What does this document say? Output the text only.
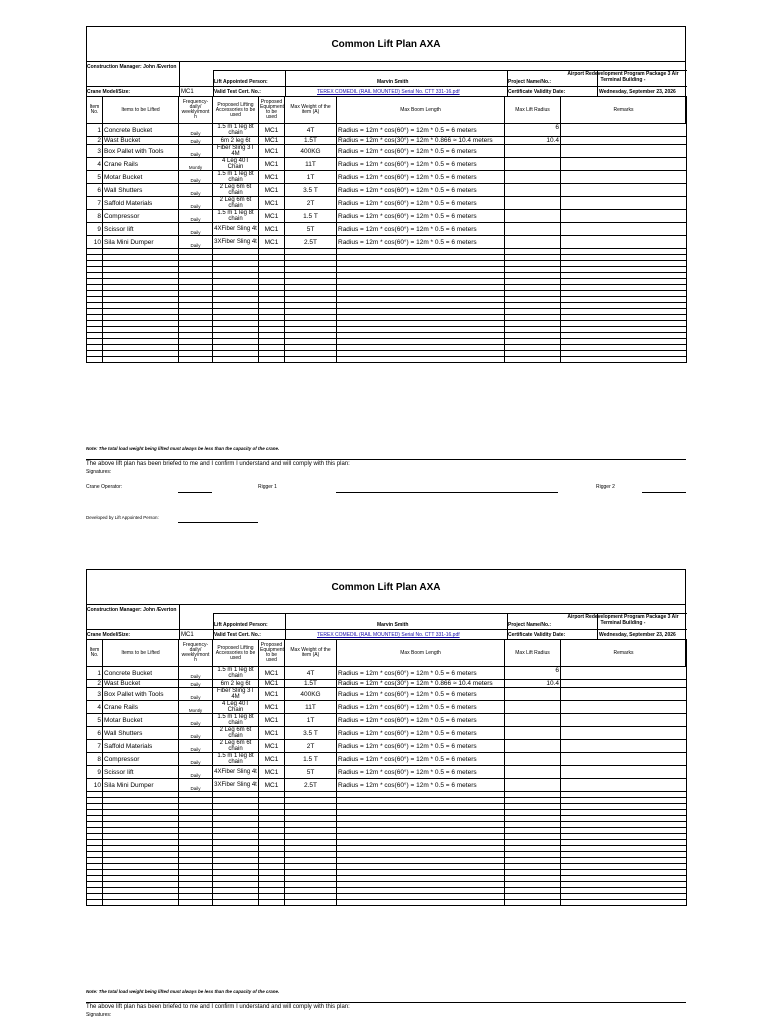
Common Lift Plan AXA
Construction Manager: John /Everton
Lift Appointed Person:	Marvin Smith	Project Name/No.:
Airport Redevelopment Program Package 3 Air Terminal Building -
Crane Model/Size:	MC1	Valid Test Cert. No.:	TEREX COMEDIL (RAIL MOUNTED) Serial No. CTT 331-16.pdf	Certificate Validity Date:	Wednesday, September 23, 2026
Item No.	Items to be Lifted	Frequency-daily/ weekly/mont h	Proposed Lifting Accessories to be used	Proposed Equipment to be used	Max Weight of the item (A)	Max Boom Length	Max Lift Radius	Remarks
1	Concrete Bucket	Daily	1.5 m 1 leg 8t chain	MC1	4T	Radius = 12m * cos(60°) = 12m * 0.5 = 6 meters	6	
2	Wast Bucket	Daily	6m 2 leg 6t	MC1	1.5T	Radius = 12m * cos(30°) = 12m * 0.866 ≈ 10.4 meters	10.4	
3	Box Pallet with Tools	Daily	Fiber Sling 3T 4M	MC1	400KG	Radius = 12m * cos(60°) = 12m * 0.5 = 6 meters		
4	Crane Rails	Montly	4 Leg 40T Chain	MC1	11T	Radius = 12m * cos(60°) = 12m * 0.5 = 6 meters		
5	Motar Bucket	Daily	1.5 m 1 leg 8t chain	MC1	1T	Radius = 12m * cos(60°) = 12m * 0.5 = 6 meters		
6	Wall Shutters	Daily	2 Leg 6m 6t chain	MC1	3.5 T	Radius = 12m * cos(60°) = 12m * 0.5 = 6 meters		
7	Saffold Materials	Daily	2 Leg 6m 6t chain	MC1	2T	Radius = 12m * cos(60°) = 12m * 0.5 = 6 meters		
8	Compressor	Daily	1.5 m 1 leg 8t chain	MC1	1.5 T	Radius = 12m * cos(60°) = 12m * 0.5 = 6 meters		
9	Scissor lift	Daily	4XFiber Sling 4t	MC1	5T	Radius = 12m * cos(60°) = 12m * 0.5 = 6 meters		
10	Sila Mini Dumper	Daily	3XFiber Sling 4t	MC1	2.5T	Radius = 12m * cos(60°) = 12m * 0.5 = 6 meters		

Note: The total load weight being lifted must always be less than the capacity of the crane.
The above lift plan has been briefed to me and I confirm I understand and will comply with this plan:
Signatures:
Crane Operator:	Rigger 1	Rigger 2
Developed by Lift Appointed Person:
Common Lift Plan AXA
Construction Manager: John /Everton
Lift Appointed Person:	Marvin Smith	Project Name/No.:
Airport Redevelopment Program Package 3 Air Terminal Building -
Crane Model/Size:	MC1	Valid Test Cert. No.:	TEREX COMEDIL (RAIL MOUNTED) Serial No. CTT 331-16.pdf	Certificate Validity Date:	Wednesday, September 23, 2026
Item No.	Items to be Lifted	Frequency-daily/ weekly/mont h	Proposed Lifting Accessories to be used	Proposed Equipment to be used	Max Weight of the item (A)	Max Boom Length	Max Lift Radius	Remarks
1	Concrete Bucket	Daily	1.5 m 1 leg 8t chain	MC1	4T	Radius = 12m * cos(60°) = 12m * 0.5 = 6 meters	6	
2	Wast Bucket	Daily	6m 2 leg 6t	MC1	1.5T	Radius = 12m * cos(30°) = 12m * 0.866 ≈ 10.4 meters	10.4	
3	Box Pallet with Tools	Daily	Fiber Sling 3T 4M	MC1	400KG	Radius = 12m * cos(60°) = 12m * 0.5 = 6 meters		
4	Crane Rails	Montly	4 Leg 40T Chain	MC1	11T	Radius = 12m * cos(60°) = 12m * 0.5 = 6 meters		
5	Motar Bucket	Daily	1.5 m 1 leg 8t chain	MC1	1T	Radius = 12m * cos(60°) = 12m * 0.5 = 6 meters		
6	Wall Shutters	Daily	2 Leg 6m 6t chain	MC1	3.5 T	Radius = 12m * cos(60°) = 12m * 0.5 = 6 meters		
7	Saffold Materials	Daily	2 Leg 6m 6t chain	MC1	2T	Radius = 12m * cos(60°) = 12m * 0.5 = 6 meters		
8	Compressor	Daily	1.5 m 1 leg 8t chain	MC1	1.5 T	Radius = 12m * cos(60°) = 12m * 0.5 = 6 meters		
9	Scissor lift	Daily	4XFiber Sling 4t	MC1	5T	Radius = 12m * cos(60°) = 12m * 0.5 = 6 meters		
10	Sila Mini Dumper	Daily	3XFiber Sling 4t	MC1	2.5T	Radius = 12m * cos(60°) = 12m * 0.5 = 6 meters		

Note: The total load weight being lifted must always be less than the capacity of the crane.
The above lift plan has been briefed to me and I confirm I understand and will comply with this plan:
Signatures:
